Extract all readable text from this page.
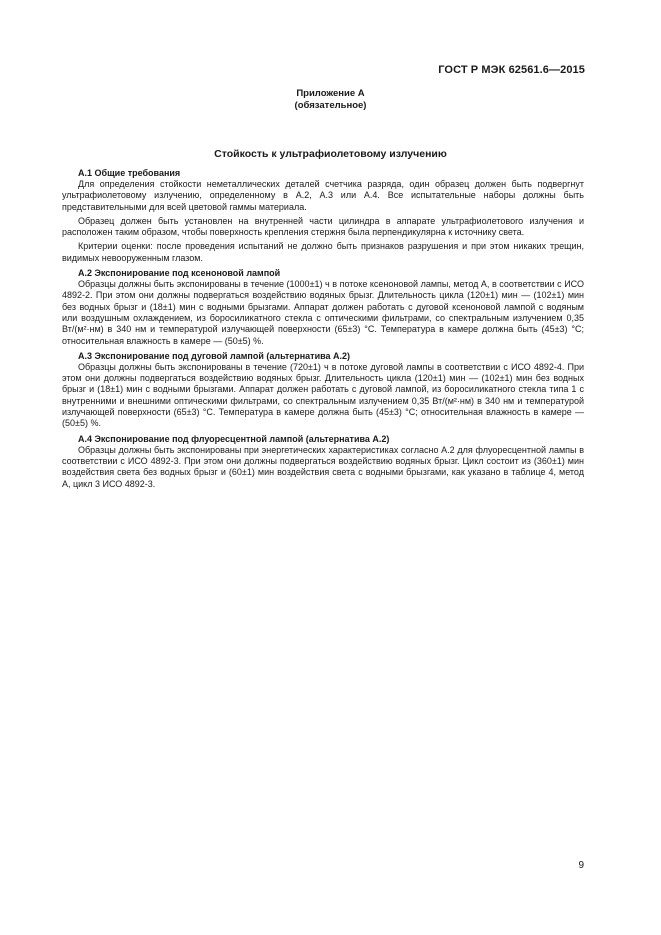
ГОСТ Р МЭК 62561.6—2015
Приложение А
(обязательное)
Стойкость к ультрафиолетовому излучению
А.1 Общие требования

Для определения стойкости неметаллических деталей счетчика разряда, один образец должен быть подвергнут ультрафиолетовому излучению, определенному в А.2, А.3 или А.4. Все испытательные наборы должны быть представительными для всей цветовой гаммы материала.

Образец должен быть установлен на внутренней части цилиндра в аппарате ультрафиолетового излучения и расположен таким образом, чтобы поверхность крепления стержня была перпендикулярна к источнику света.

Критерии оценки: после проведения испытаний не должно быть признаков разрушения и при этом никаких трещин, видимых невооруженным глазом.

А.2 Экспонирование под ксеноновой лампой

Образцы должны быть экспонированы в течение (1000±1) ч в потоке ксеноновой лампы, метод А, в соответствии с ИСО 4892-2. При этом они должны подвергаться воздействию водяных брызг. Длительность цикла (120±1) мин — (102±1) мин без водных брызг и (18±1) мин с водными брызгами. Аппарат должен работать с дуговой ксеноновой лампой с водяным или воздушным охлаждением, из боросиликатного стекла с оптическими фильтрами, со спектральным излучением 0,35 Вт/(м²·нм) в 340 нм и температурой излучающей поверхности (65±3) °С. Температура в камере должна быть (45±3) °С; относительная влажность в камере — (50±5) %.

А.3 Экспонирование под дуговой лампой (альтернатива А.2)

Образцы должны быть экспонированы в течение (720±1) ч в потоке дуговой лампы в соответствии с ИСО 4892-4. При этом они должны подвергаться воздействию водяных брызг. Длительность цикла (120±1) мин — (102±1) мин без водных брызг и (18±1) мин с водными брызгами. Аппарат должен работать с дуговой лампой, из боросиликатного стекла типа 1 с внутренними и внешними оптическими фильтрами, со спектральным излучением 0,35 Вт/(м²·нм) в 340 нм и температурой излучающей поверхности (65±3) °С. Температура в камере должна быть (45±3) °С; относительная влажность в камере — (50±5) %.

А.4 Экспонирование под флуоресцентной лампой (альтернатива А.2)

Образцы должны быть экспонированы при энергетических характеристиках согласно А.2 для флуоресцентной лампы в соответствии с ИСО 4892-3. При этом они должны подвергаться воздействию водяных брызг. Цикл состоит из (360±1) мин воздействия света без водных брызг и (60±1) мин воздействия света с водными брызгами, как указано в таблице 4, метод А, цикл 3 ИСО 4892-3.

9
